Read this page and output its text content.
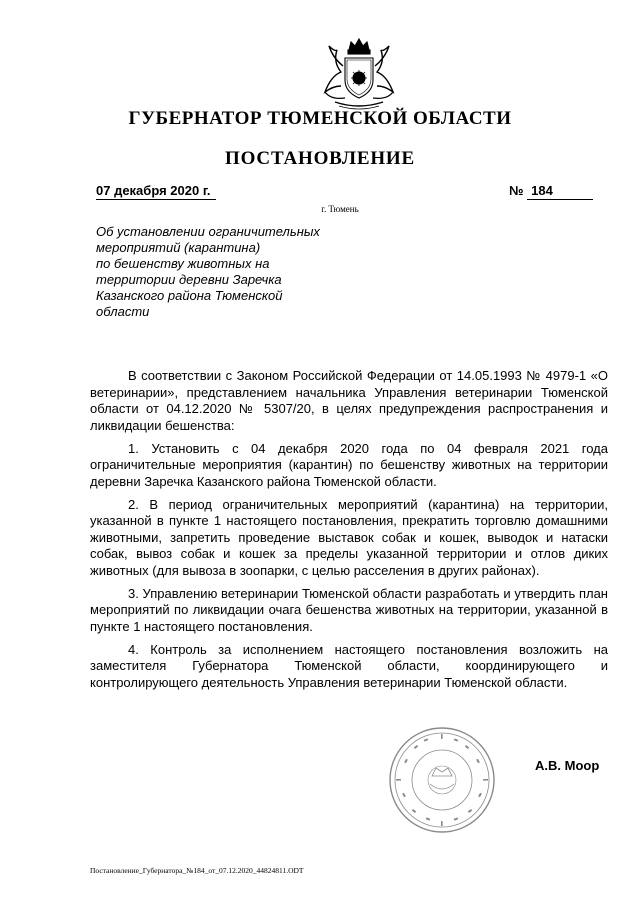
ГУБЕРНАТОР ТЮМЕНСКОЙ ОБЛАСТИ
ПОСТАНОВЛЕНИЕ
07 декабря 2020 г.	№ 184
г. Тюмень
Об установлении ограничительных
мероприятий (карантина)
по бешенству животных на
территории деревни Заречка
Казанского района Тюменской
области

В соответствии с Законом Российской Федерации от 14.05.1993 № 4979-1 «О ветеринарии», представлением начальника Управления ветеринарии Тюменской области от 04.12.2020 № 5307/20, в целях предупреждения распространения и ликвидации бешенства:

1. Установить с 04 декабря 2020 года по 04 февраля 2021 года ограничительные мероприятия (карантин) по бешенству животных на территории деревни Заречка Казанского района Тюменской области.

2. В период ограничительных мероприятий (карантина) на территории, указанной в пункте 1 настоящего постановления, прекратить торговлю домашними животными, запретить проведение выставок собак и кошек, выводок и натаски собак, вывоз собак и кошек за пределы указанной территории и отлов диких животных (для вывоза в зоопарки, с целью расселения в других районах).

3. Управлению ветеринарии Тюменской области разработать и утвердить план мероприятий по ликвидации очага бешенства животных на территории, указанной в пункте 1 настоящего постановления.

4. Контроль за исполнением настоящего постановления возложить на заместителя Губернатора Тюменской области, координирующего и контролирующего деятельность Управления ветеринарии Тюменской области.

А.В. Моор
Постановление_Губернатора_№184_от_07.12.2020_44824811.ODT
